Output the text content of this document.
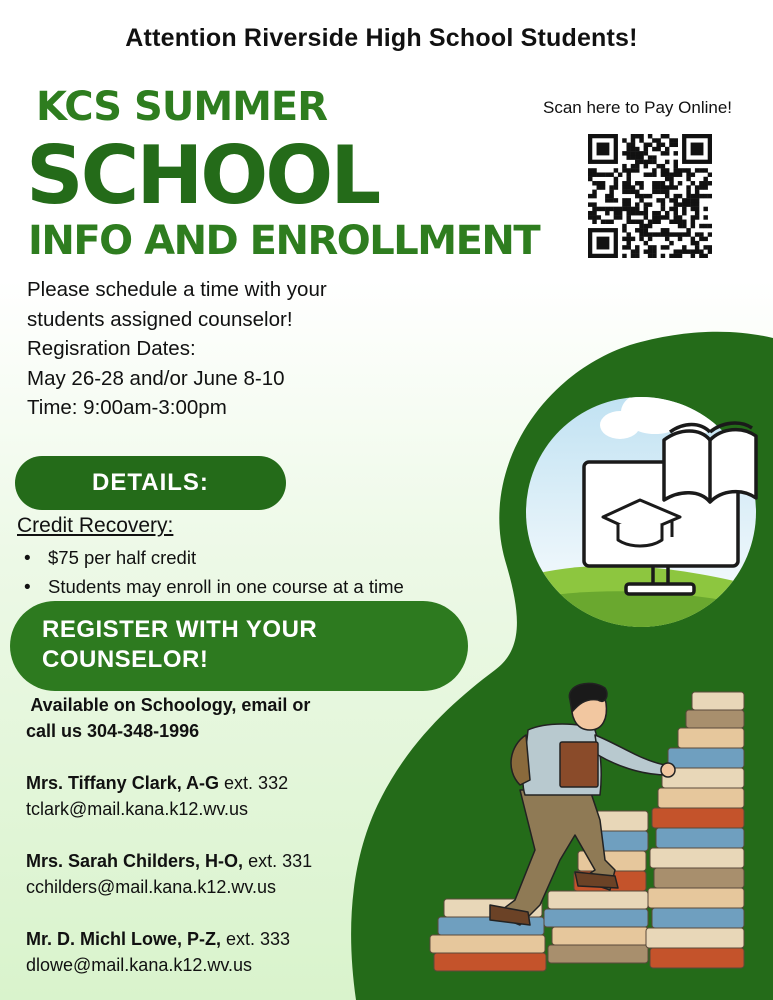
Attention Riverside High School Students!
KCS SUMMER
SCHOOL
INFO AND ENROLLMENT
Scan here to Pay Online!
Please schedule a time with your
students assigned counselor!
Regisration Dates:
May 26-28 and/or June 8-10
Time: 9:00am-3:00pm
DETAILS:
Credit Recovery:
• $75 per half credit
• Students may enroll in one course at a time
REGISTER WITH YOUR
COUNSELOR!
Available on Schoology, email or
call us 304-348-1996
Mrs. Tiffany Clark, A-G ext. 332
tclark@mail.kana.k12.wv.us
Mrs. Sarah Childers, H-O, ext. 331
cchilders@mail.kana.k12.wv.us
Mr. D. Michl Lowe, P-Z, ext. 333
dlowe@mail.kana.k12.wv.us
